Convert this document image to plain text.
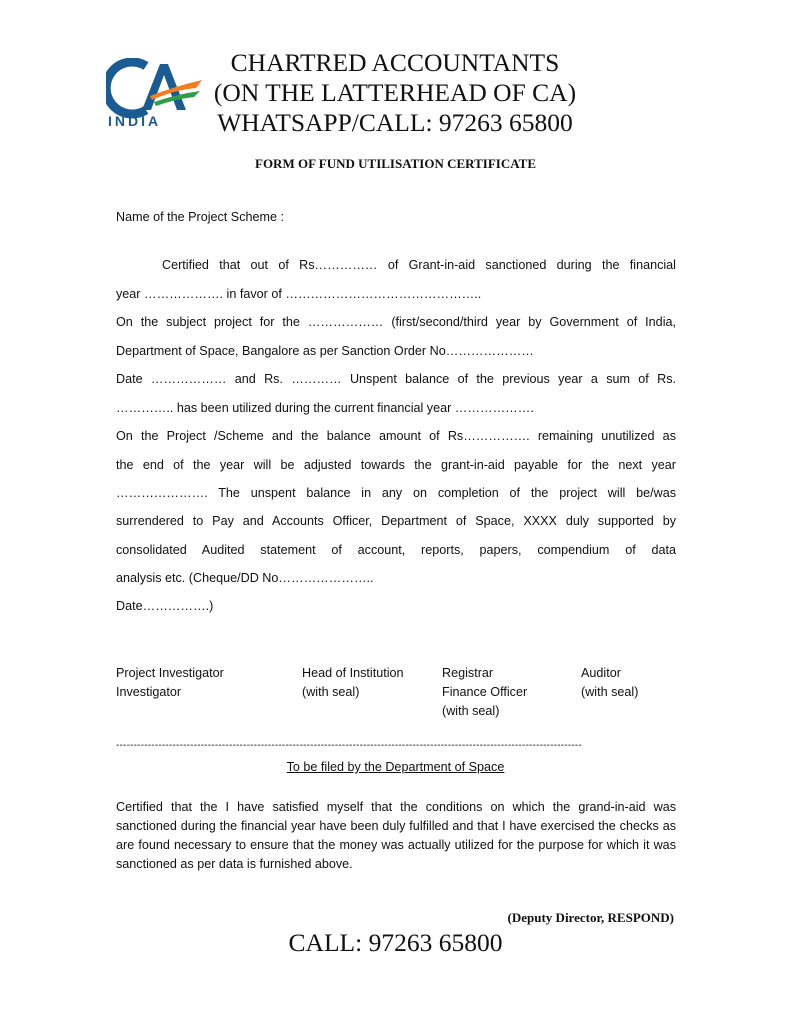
INDIA
CHARTRED ACCOUNTANTS
(ON THE LATTERHEAD OF CA)
WHATSAPP/CALL: 97263 65800
FORM OF FUND UTILISATION CERTIFICATE
Name of the Project Scheme :
Certified that out of Rs…………… of Grant-in-aid sanctioned during the financial
year ………………. in favor of ………………………………………..
On the subject project for the ……………… (first/second/third year by Government of India,
Department of Space, Bangalore as per Sanction Order No…………………
Date ……………… and Rs. ………… Unspent balance of the previous year a sum of Rs.
………….. has been utilized during the current financial year ……………….
On the Project /Scheme and the balance amount of Rs……………. remaining unutilized as
the end of the year will be adjusted towards the grant-in-aid payable for the next year
…………………. The unspent balance in any on completion of the project will be/was
surrendered to Pay and Accounts Officer, Department of Space, XXXX duly supported by
consolidated Audited statement of account, reports, papers, compendium of data
analysis etc. (Cheque/DD No…………………..
Date…………….)
Project Investigator
Investigator
Head of Institution
(with seal)
Registrar
Finance Officer
(with seal)
Auditor
(with seal)
------------------------------------------------------------------------------------------------------------------------------------
To be filed by the Department of Space
Certified that the I have satisfied myself that the conditions on which the grand-in-aid was sanctioned during the financial year have been duly fulfilled and that I have exercised the checks as are found necessary to ensure that the money was actually utilized for the purpose for which it was sanctioned as per data is furnished above.
(Deputy Director, RESPOND)
CALL: 97263 65800
